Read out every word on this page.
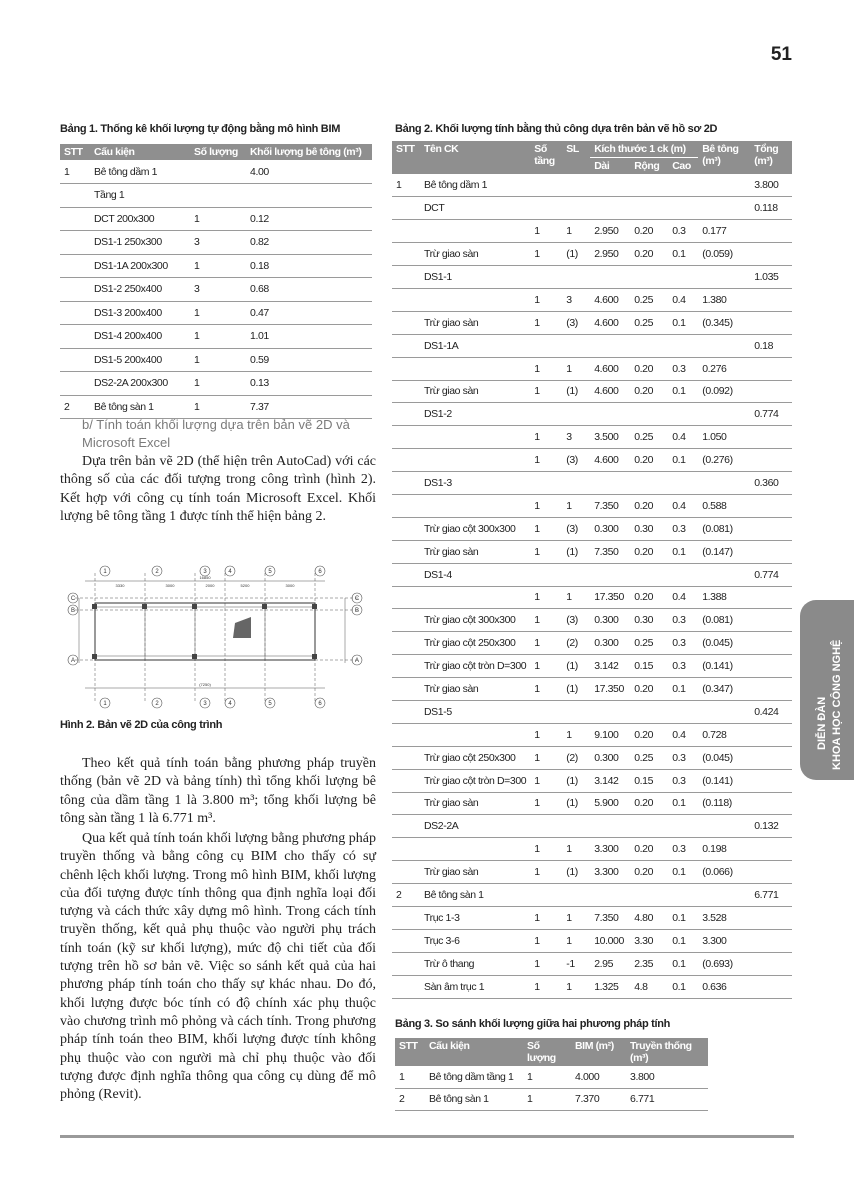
51
Bảng 1. Thống kê khối lượng tự động bằng mô hình BIM
STT	Cấu kiện	Số lượng	Khối lượng bê tông (m³)
1	Bê tông dầm 1		4.00
	Tầng 1		
	DCT 200x300	1	0.12
	DS1-1 250x300	3	0.82
	DS1-1A 200x300	1	0.18
	DS1-2 250x400	3	0.68
	DS1-3 200x400	1	0.47
	DS1-4 200x400	1	1.01
	DS1-5 200x400	1	0.59
	DS2-2A 200x300	1	0.13
2	Bê tông sàn 1	1	7.37
b/ Tính toán khối lượng dựa trên bản vẽ 2D và Microsoft Excel

Dựa trên bản vẽ 2D (thể hiện trên AutoCad) với các thông số của các đối tượng trong công trình (hình 2). Kết hợp với công cụ tính toán Microsoft Excel. Khối lượng bê tông tầng 1 được tính thể hiện bảng 2.

1	2	3	4	5	6
1	2	3	4	5	6
C
B
A
C
B
A
16850
3330	3000	2000	5200	3000
(7250)
Hình 2. Bản vẽ 2D của công trình

Theo kết quả tính toán bằng phương pháp truyền thống (bản vẽ 2D và bảng tính) thì tổng khối lượng bê tông của dầm tầng 1 là 3.800 m³; tổng khối lượng bê tông sàn tầng 1 là 6.771 m³.

Qua kết quả tính toán khối lượng bằng phương pháp truyền thống và bằng công cụ BIM cho thấy có sự chênh lệch khối lượng. Trong mô hình BIM, khối lượng của đối tượng được tính thông qua định nghĩa loại đối tượng và cách thức xây dựng mô hình. Trong cách tính truyền thống, kết quả phụ thuộc vào người phụ trách tính toán (kỹ sư khối lượng), mức độ chi tiết của đối tượng trên hồ sơ bản vẽ. Việc so sánh kết quả của hai phương pháp tính toán cho thấy sự khác nhau. Do đó, khối lượng được bóc tính có độ chính xác phụ thuộc vào chương trình mô phỏng và cách tính. Trong phương pháp tính toán theo BIM, khối lượng được tính không phụ thuộc vào con người mà chỉ phụ thuộc vào đối tượng được định nghĩa thông qua công cụ dùng để mô phỏng (Revit).

Bảng 2. Khối lượng tính bằng thủ công dựa trên bản vẽ hồ sơ 2D
STT	Tên CK	Số tầng	SL	Kích thước 1 ck (m)			Bê tông (m³)	Tổng (m³)
				Dài	Rộng	Cao		
1	Bê tông dầm 1							3.800
	DCT							0.118
		1	1	2.950	0.20	0.3	0.177	
	Trừ giao sàn	1	(1)	2.950	0.20	0.1	(0.059)	
	DS1-1							1.035
		1	3	4.600	0.25	0.4	1.380	
	Trừ giao sàn	1	(3)	4.600	0.25	0.1	(0.345)	
	DS1-1A							0.18
		1	1	4.600	0.20	0.3	0.276	
	Trừ giao sàn	1	(1)	4.600	0.20	0.1	(0.092)	
	DS1-2							0.774
		1	3	3.500	0.25	0.4	1.050	
		1	(3)	4.600	0.20	0.1	(0.276)	
	DS1-3							0.360
		1	1	7.350	0.20	0.4	0.588	
	Trừ giao cột 300x300	1	(3)	0.300	0.30	0.3	(0.081)	
	Trừ giao sàn	1	(1)	7.350	0.20	0.1	(0.147)	
	DS1-4							0.774
		1	1	17.350	0.20	0.4	1.388	
	Trừ giao cột 300x300	1	(3)	0.300	0.30	0.3	(0.081)	
	Trừ giao cột 250x300	1	(2)	0.300	0.25	0.3	(0.045)	
	Trừ giao cột tròn D=300	1	(1)	3.142	0.15	0.3	(0.141)	
	Trừ giao sàn	1	(1)	17.350	0.20	0.1	(0.347)	
	DS1-5							0.424
		1	1	9.100	0.20	0.4	0.728	
	Trừ giao cột 250x300	1	(2)	0.300	0.25	0.3	(0.045)	
	Trừ giao cột tròn D=300	1	(1)	3.142	0.15	0.3	(0.141)	
	Trừ giao sàn	1	(1)	5.900	0.20	0.1	(0.118)	
	DS2-2A							0.132
		1	1	3.300	0.20	0.3	0.198	
	Trừ giao sàn	1	(1)	3.300	0.20	0.1	(0.066)	
2	Bê tông sàn 1							6.771
	Trục 1-3	1	1	7.350	4.80	0.1	3.528	
	Trục 3-6	1	1	10.000	3.30	0.1	3.300	
	Trừ ô thang	1	-1	2.95	2.35	0.1	(0.693)	
	Sàn âm trục 1	1	1	1.325	4.8	0.1	0.636	
Bảng 3. So sánh khối lượng giữa hai phương pháp tính
STT	Cấu kiện	Số lượng	BIM (m²)	Truyền thống (m³)
1	Bê tông dầm tầng 1	1	4.000	3.800
2	Bê tông sàn 1	1	7.370	6.771
DIỄN ĐÀN KHOA HỌC CÔNG NGHỆ
